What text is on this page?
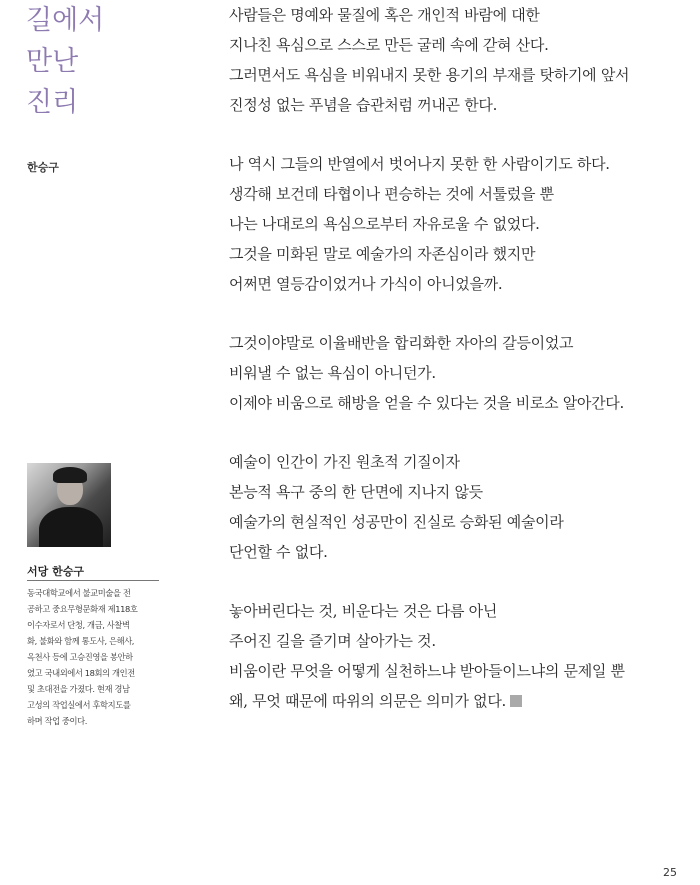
길에서
만난
진리
한승구
사람들은 명예와 물질에 혹은 개인적 바람에 대한
지나친 욕심으로 스스로 만든 굴레 속에 갇혀 산다.
그러면서도 욕심을 비워내지 못한 용기의 부재를 탓하기에 앞서
진정성 없는 푸념을 습관처럼 꺼내곤 한다.
나 역시 그들의 반열에서 벗어나지 못한 한 사람이기도 하다.
생각해 보건데 타협이나 편승하는 것에 서툴렀을 뿐
나는 나대로의 욕심으로부터 자유로울 수 없었다.
그것을 미화된 말로 예술가의 자존심이라 했지만
어쩌면 열등감이었거나 가식이 아니었을까.
그것이야말로 이율배반을 합리화한 자아의 갈등이었고
비워낼 수 없는 욕심이 아니던가.
이제야 비움으로 해방을 얻을 수 있다는 것을 비로소 알아간다.
예술이 인간이 가진 원초적 기질이자
본능적 욕구 중의 한 단면에 지나지 않듯
예술가의 현실적인 성공만이 진실로 승화된 예술이라
단언할 수 없다.
놓아버린다는 것, 비운다는 것은 다름 아닌
주어진 길을 즐기며 살아가는 것.
비움이란 무엇을 어떻게 실천하느냐 받아들이느냐의 문제일 뿐
왜, 무엇 때문에 따위의 의문은 의미가 없다.
서당 한승구
동국대학교에서 불교미술을 전
공하고 중요무형문화재 제118호
이수자로서 단청, 개금, 사찰벽
화, 불화와 함께 통도사, 은해사,
옥천사 등에 고승진영을 봉안하
였고 국내외에서 18회의 개인전
및 초대전을 가졌다. 현재 경남
고성의 작업실에서 후학지도를
하며 작업 중이다.
25
